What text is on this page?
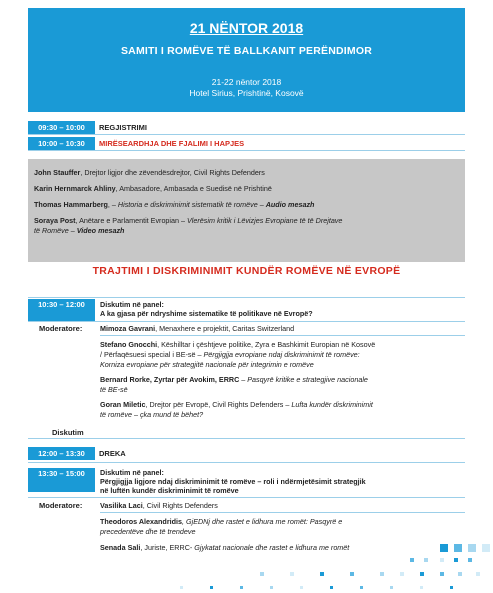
21 NËNTOR 2018
SAMITI I ROMËVE TË BALLKANIT PERËNDIMOR
21-22 nëntor 2018
Hotel Sirius, Prishtinë, Kosovë
09:30 – 10:00	REGJISTRIMI
10:00 – 10:30	MIRËSEARDHJA DHE FJALIMI I HAPJES
John Stauffer, Drejtor ligjor dhe zëvendësdrejtor, Civil Rights Defenders
Karin Hernmarck Ahliny, Ambasadore, Ambasada e Suedisë në Prishtinë
Thomas Hammarberg, – Historia e diskriminimit sistematik të romëve – Audio mesazh
Soraya Post, Anëtare e Parlamentit Evropian – Vlerësim kritik i Lëvizjes Evropiane të të Drejtave
të Romëve – Video mesazh
TRAJTIMI I DISKRIMINIMIT KUNDËR ROMËVE NË EVROPË
10:30 – 12:00	Diskutim në panel:
A ka gjasa për ndryshime sistematike të politikave në Evropë?
Moderatore: Mimoza Gavrani, Menaxhere e projektit, Caritas Switzerland
Stefano Gnocchi, Këshilltar i çështjeve politike, Zyra e Bashkimit Europian në Kosovë
/ Përfaqësuesi special i BE-së – Përgjigjja evropiane ndaj diskriminimit të romëve:
Korniza evropiane për strategjitë nacionale për integrimin e romëve
Bernard Rorke, Zyrtar për Avokim, ERRC – Pasqyrë kritike e strategjive nacionale
të BE-së
Goran Miletic, Drejtor për Evropë, Civil Rights Defenders – Lufta kundër diskriminimit
të romëve – çka mund të bëhet?
Diskutim
12:00 – 13:30	DREKA
13:30 – 15:00	Diskutim në panel:
Përgjigjja ligjore ndaj diskriminimit të romëve – roli i ndërmjetësimit strategjik
në luftën kundër diskriminimit të romëve
Moderatore: Vasilika Laci, Civil Rights Defenders
Theodoros Alexandridis, GjEDNj dhe rastet e lidhura me romët: Pasqyrë e
precedentëve dhe të trendeve
Senada Sali, Juriste, ERRC- Gjykatat nacionale dhe rastet e lidhura me romët
